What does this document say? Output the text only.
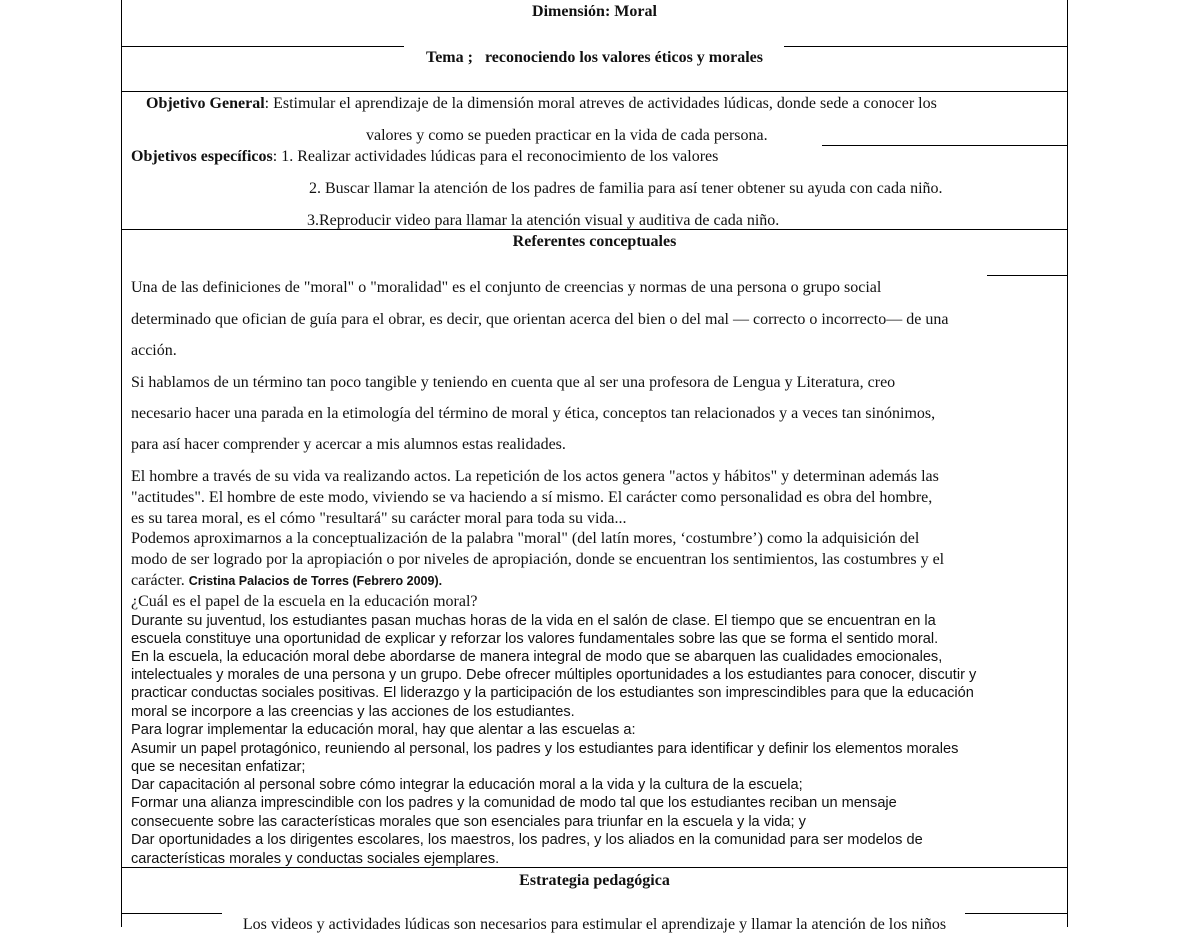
Dimensión: Moral
Tema ; reconociendo los valores éticos y morales
Objetivo General: Estimular el aprendizaje de la dimensión moral atreves de actividades lúdicas, donde sede a conocer los
valores y como se pueden practicar en la vida de cada persona.
Objetivos específicos: 1. Realizar actividades lúdicas para el reconocimiento de los valores
2. Buscar llamar la atención de los padres de familia para así tener obtener su ayuda con cada niño.
3.Reproducir video para llamar la atención visual y auditiva de cada niño.
Referentes conceptuales
Una de las definiciones de "moral" o "moralidad" es el conjunto de creencias y normas de una persona o grupo social
determinado que ofician de guía para el obrar, es decir, que orientan acerca del bien o del mal — correcto o incorrecto— de una
acción.
Si hablamos de un término tan poco tangible y teniendo en cuenta que al ser una profesora de Lengua y Literatura, creo
necesario hacer una parada en la etimología del término de moral y ética, conceptos tan relacionados y a veces tan sinónimos,
para así hacer comprender y acercar a mis alumnos estas realidades.
El hombre a través de su vida va realizando actos. La repetición de los actos genera "actos y hábitos" y determinan además las
"actitudes". El hombre de este modo, viviendo se va haciendo a sí mismo. El carácter como personalidad es obra del hombre,
es su tarea moral, es el cómo "resultará" su carácter moral para toda su vida...
Podemos aproximarnos a la conceptualización de la palabra "moral" (del latín mores, ‘costumbre’) como la adquisición del
modo de ser logrado por la apropiación o por niveles de apropiación, donde se encuentran los sentimientos, las costumbres y el
carácter. Cristina Palacios de Torres (Febrero 2009).
¿Cuál es el papel de la escuela en la educación moral?
Durante su juventud, los estudiantes pasan muchas horas de la vida en el salón de clase. El tiempo que se encuentran en la
escuela constituye una oportunidad de explicar y reforzar los valores fundamentales sobre las que se forma el sentido moral.
En la escuela, la educación moral debe abordarse de manera integral de modo que se abarquen las cualidades emocionales,
intelectuales y morales de una persona y un grupo. Debe ofrecer múltiples oportunidades a los estudiantes para conocer, discutir y
practicar conductas sociales positivas. El liderazgo y la participación de los estudiantes son imprescindibles para que la educación
moral se incorpore a las creencias y las acciones de los estudiantes.
Para lograr implementar la educación moral, hay que alentar a las escuelas a:
Asumir un papel protagónico, reuniendo al personal, los padres y los estudiantes para identificar y definir los elementos morales
que se necesitan enfatizar;
Dar capacitación al personal sobre cómo integrar la educación moral a la vida y la cultura de la escuela;
Formar una alianza imprescindible con los padres y la comunidad de modo tal que los estudiantes reciban un mensaje
consecuente sobre las características morales que son esenciales para triunfar en la escuela y la vida; y
Dar oportunidades a los dirigentes escolares, los maestros, los padres, y los aliados en la comunidad para ser modelos de
características morales y conductas sociales ejemplares.
Estrategia pedagógica
Los videos y actividades lúdicas son necesarios para estimular el aprendizaje y llamar la atención de los niños
